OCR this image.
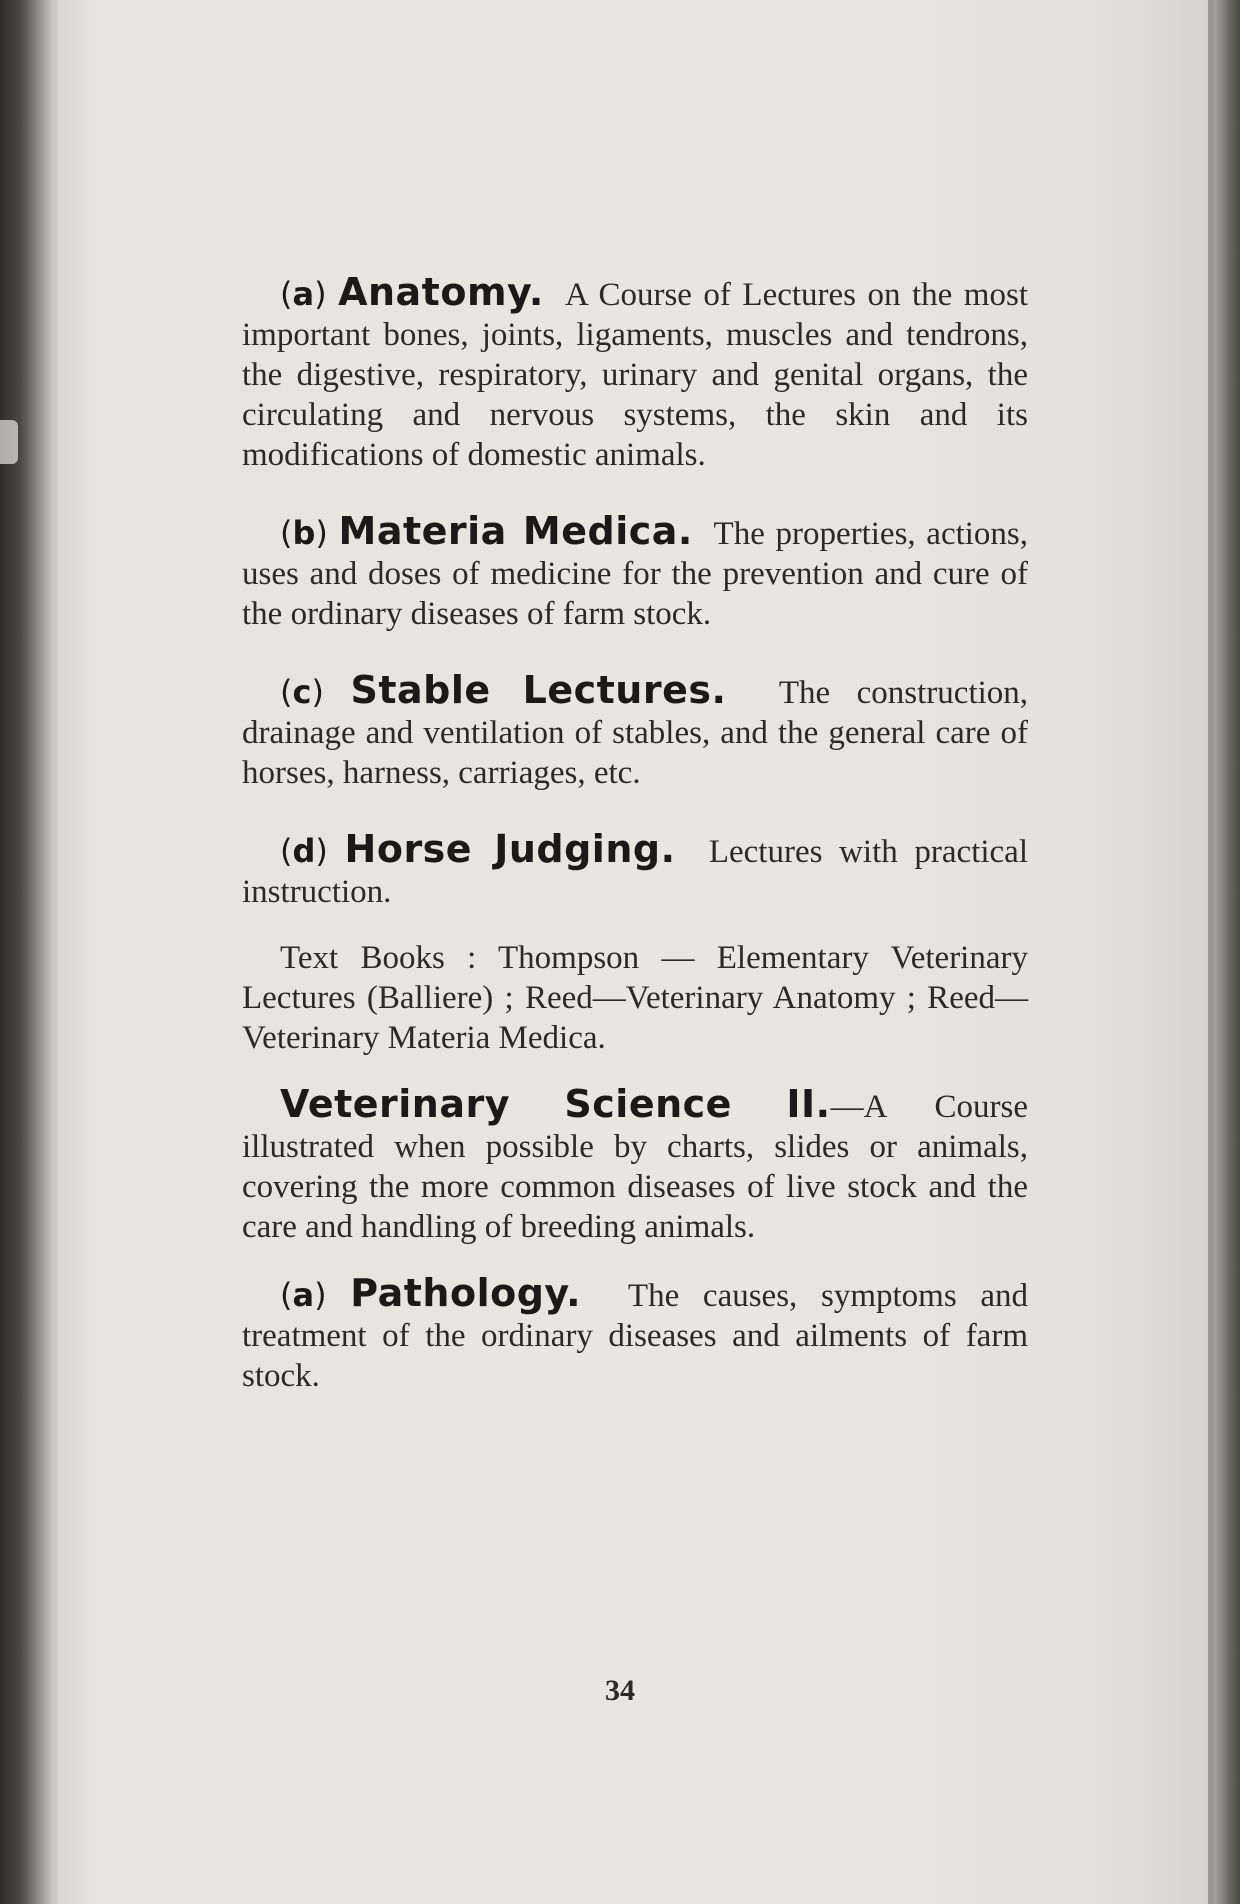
(a) Anatomy. A Course of Lectures on the most important bones, joints, ligaments, muscles and tendrons, the digestive, respiratory, urinary and genital organs, the circulating and nervous systems, the skin and its modifications of domestic animals.

(b) Materia Medica. The properties, actions, uses and doses of medicine for the prevention and cure of the ordinary diseases of farm stock.

(c) Stable Lectures. The construction, drainage and ventilation of stables, and the general care of horses, harness, carriages, etc.

(d) Horse Judging. Lectures with practical instruction.

Text Books : Thompson — Elementary Veterinary Lectures (Balliere) ; Reed—Veterinary Anatomy ; Reed—Veterinary Materia Medica.

Veterinary Science II.—A Course illustrated when possible by charts, slides or animals, covering the more common diseases of live stock and the care and handling of breeding animals.

(a) Pathology. The causes, symptoms and treatment of the ordinary diseases and ailments of farm stock.

34
